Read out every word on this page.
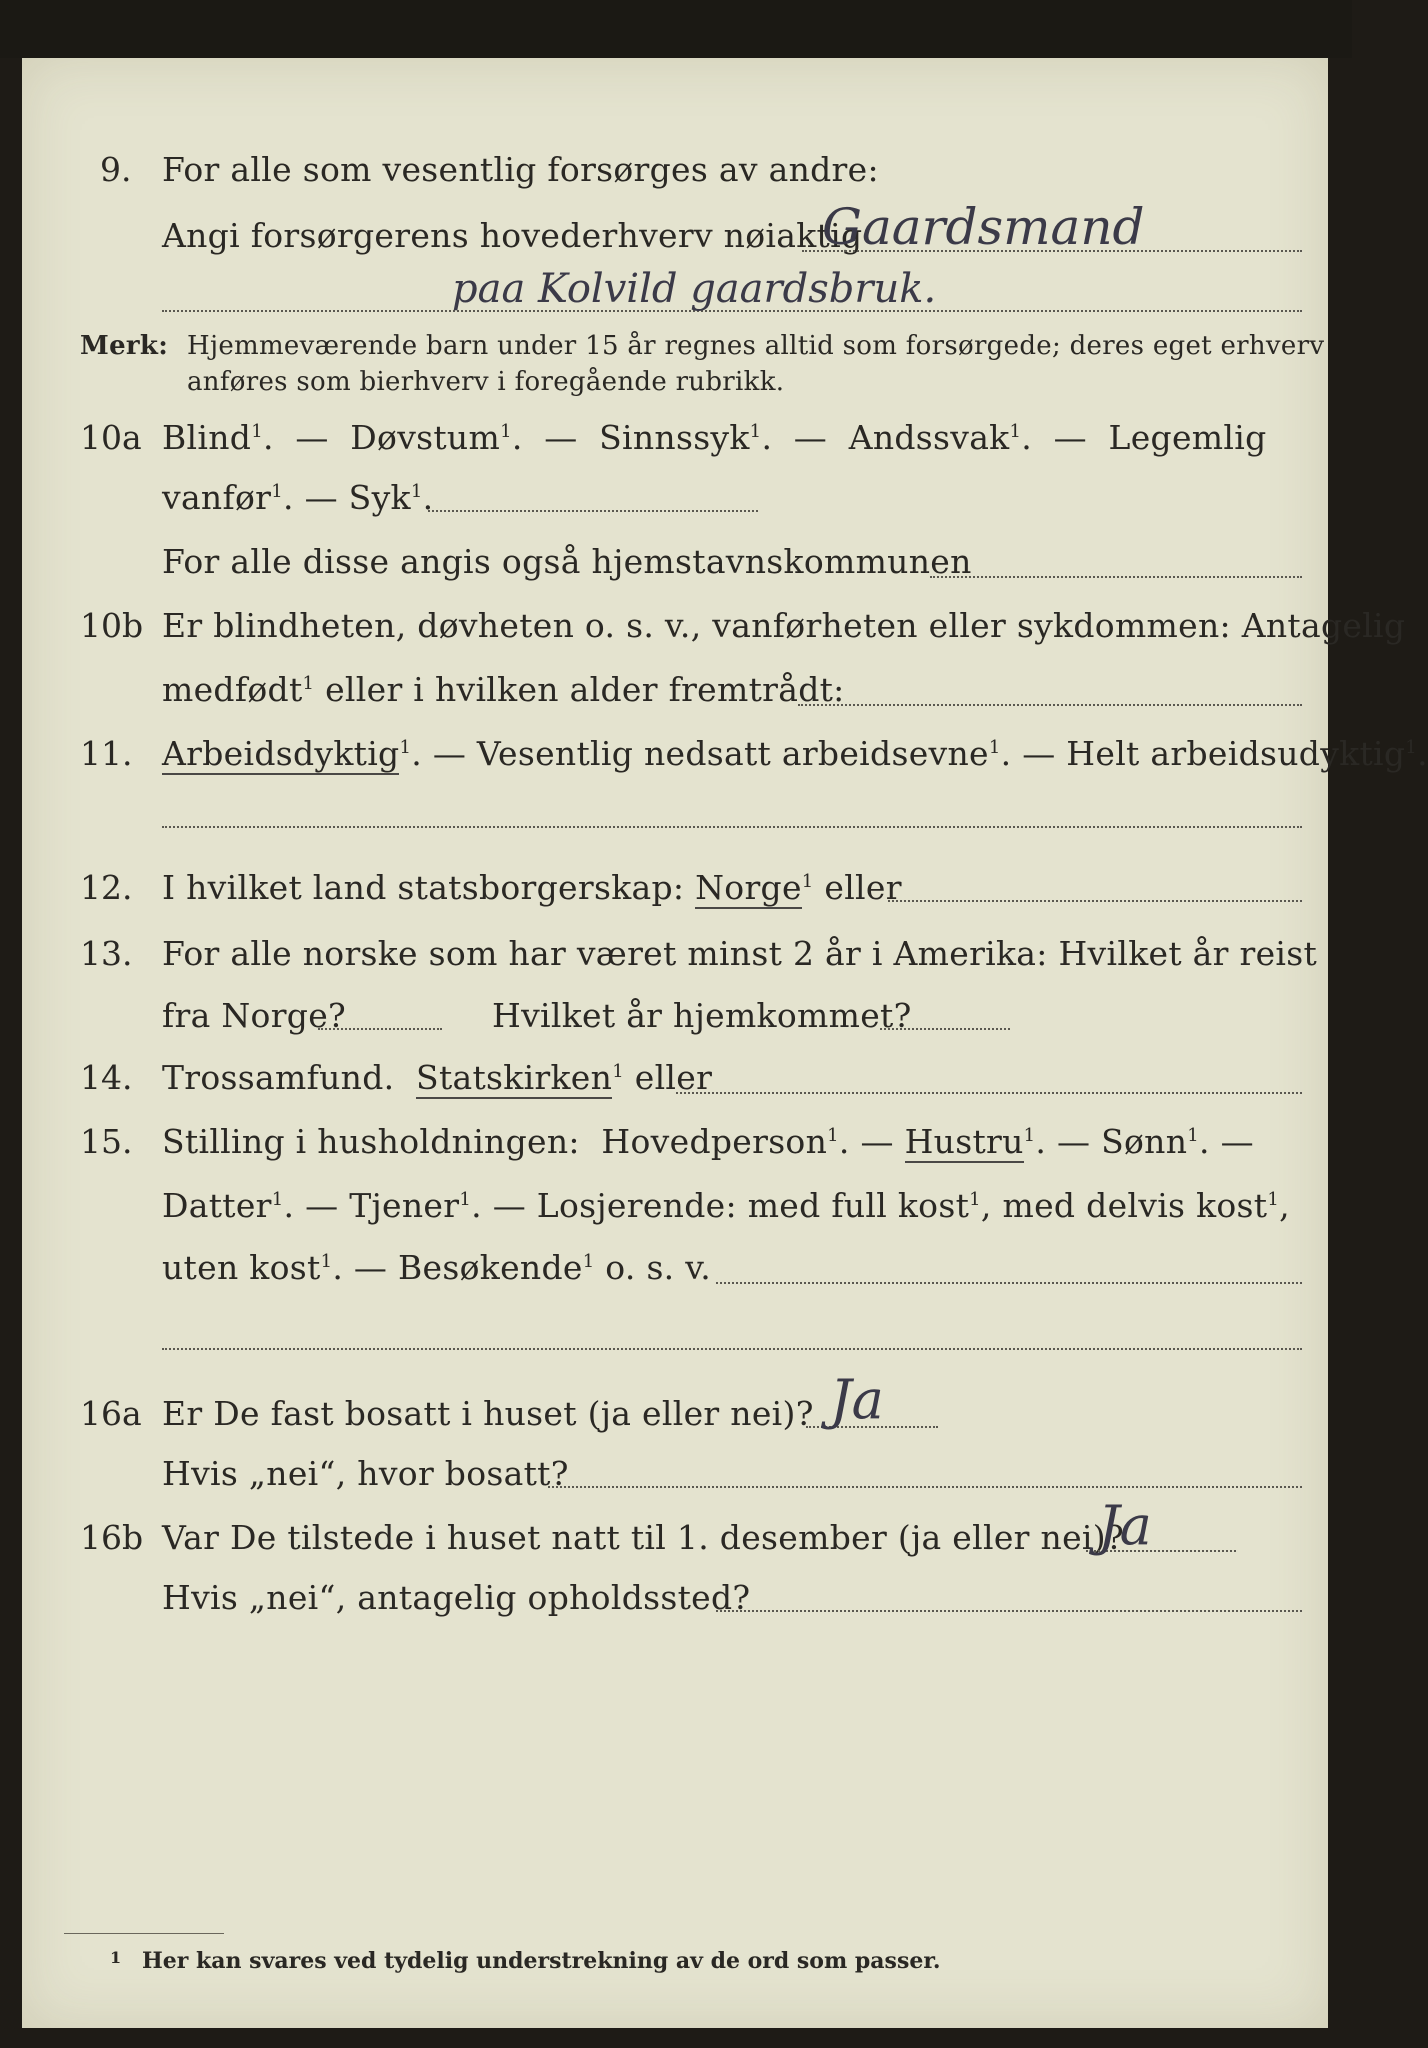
9. For alle som vesentlig forsørges av andre:
Angi forsørgerens hovederhverv nøiaktig
Gaardsmand
paa Kolvild gaardsbruk.
Merk: Hjemmeværende barn under 15 år regnes alltid som forsørgede; deres eget erhverv
anføres som bierhverv i foregående rubrikk.
10a Blind$^1$.  —  Døvstum$^1$.  —  Sinnssyk$^1$.  —  Andssvak$^1$.  —  Legemlig
vanfør$^1$. — Syk$^1$.
For alle disse angis også hjemstavnskommunen
10b Er blindheten, døvheten o. s. v., vanførheten eller sykdommen: Antagelig
medfødt$^1$ eller i hvilken alder fremtrådt:
11. Arbeidsdyktig$^1$. — Vesentlig nedsatt arbeidsevne$^1$. — Helt arbeidsudyktig$^1$.
12. I hvilket land statsborgerskap: Norge$^1$ eller
13. For alle norske som har været minst 2 år i Amerika: Hvilket år reist
fra Norge?	Hvilket år hjemkommet?
14. Trossamfund. Statskirken$^1$ eller
15. Stilling i husholdningen: Hovedperson$^1$. — Hustru$^1$. — Sønn$^1$. —
Datter$^1$. — Tjener$^1$. — Losjerende: med full kost$^1$, med delvis kost$^1$,
uten kost$^1$. — Besøkende$^1$ o. s. v.
16a Er De fast bosatt i huset (ja eller nei)? Ja
Hvis „nei“, hvor bosatt?
16b Var De tilstede i huset natt til 1. desember (ja eller nei)?
Ja
Hvis „nei“, antagelig opholdssted?
1 Her kan svares ved tydelig understrekning av de ord som passer.
